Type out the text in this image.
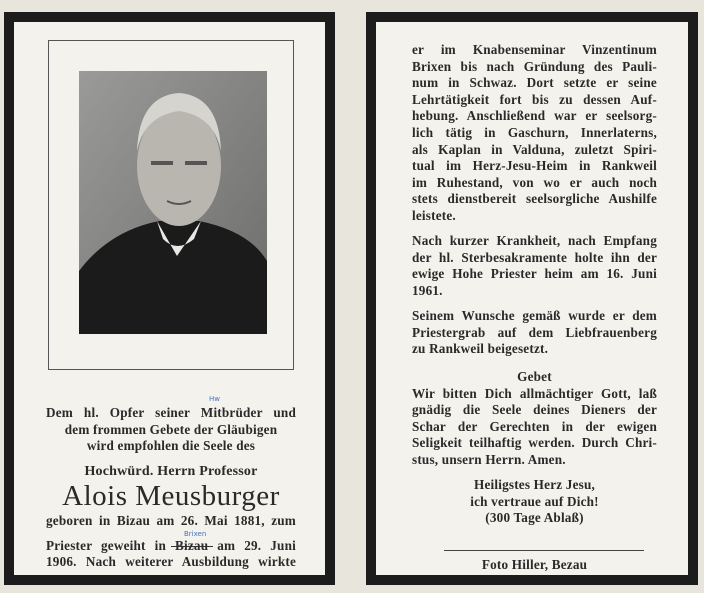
Hw
Dem hl. Opfer seiner Mitbrüder und
dem frommen Gebete der Gläubigen
wird empfohlen die Seele des
Hochwürd. Herrn Professor
Alois Meusburger
geboren in Bizau am 26. Mai 1881, zum
Brixen
Priester geweiht in Bizau am 29. Juni
1906. Nach weiterer Ausbildung wirkte
er im Knabenseminar Vinzentinum
Brixen bis nach Gründung des Pauli-
num in Schwaz. Dort setzte er seine
Lehrtätigkeit fort bis zu dessen Auf-
hebung. Anschließend war er seelsorg-
lich tätig in Gaschurn, Innerlaterns,
als Kaplan in Valduna, zuletzt Spiri-
tual im Herz-Jesu-Heim in Rankweil
im Ruhestand, von wo er auch noch
stets dienstbereit seelsorgliche Aushilfe
leistete.
Nach kurzer Krankheit, nach Empfang
der hl. Sterbesakramente holte ihn der
ewige Hohe Priester heim am 16. Juni
1961.
Seinem Wunsche gemäß wurde er dem
Priestergrab auf dem Liebfrauenberg
zu Rankweil beigesetzt.
Gebet
Wir bitten Dich allmächtiger Gott, laß
gnädig die Seele deines Dieners der
Schar der Gerechten in der ewigen
Seligkeit teilhaftig werden. Durch Chri-
stus, unsern Herrn. Amen.
Heiligstes Herz Jesu,
ich vertraue auf Dich!
(300 Tage Ablaß)
Foto Hiller, Bezau
